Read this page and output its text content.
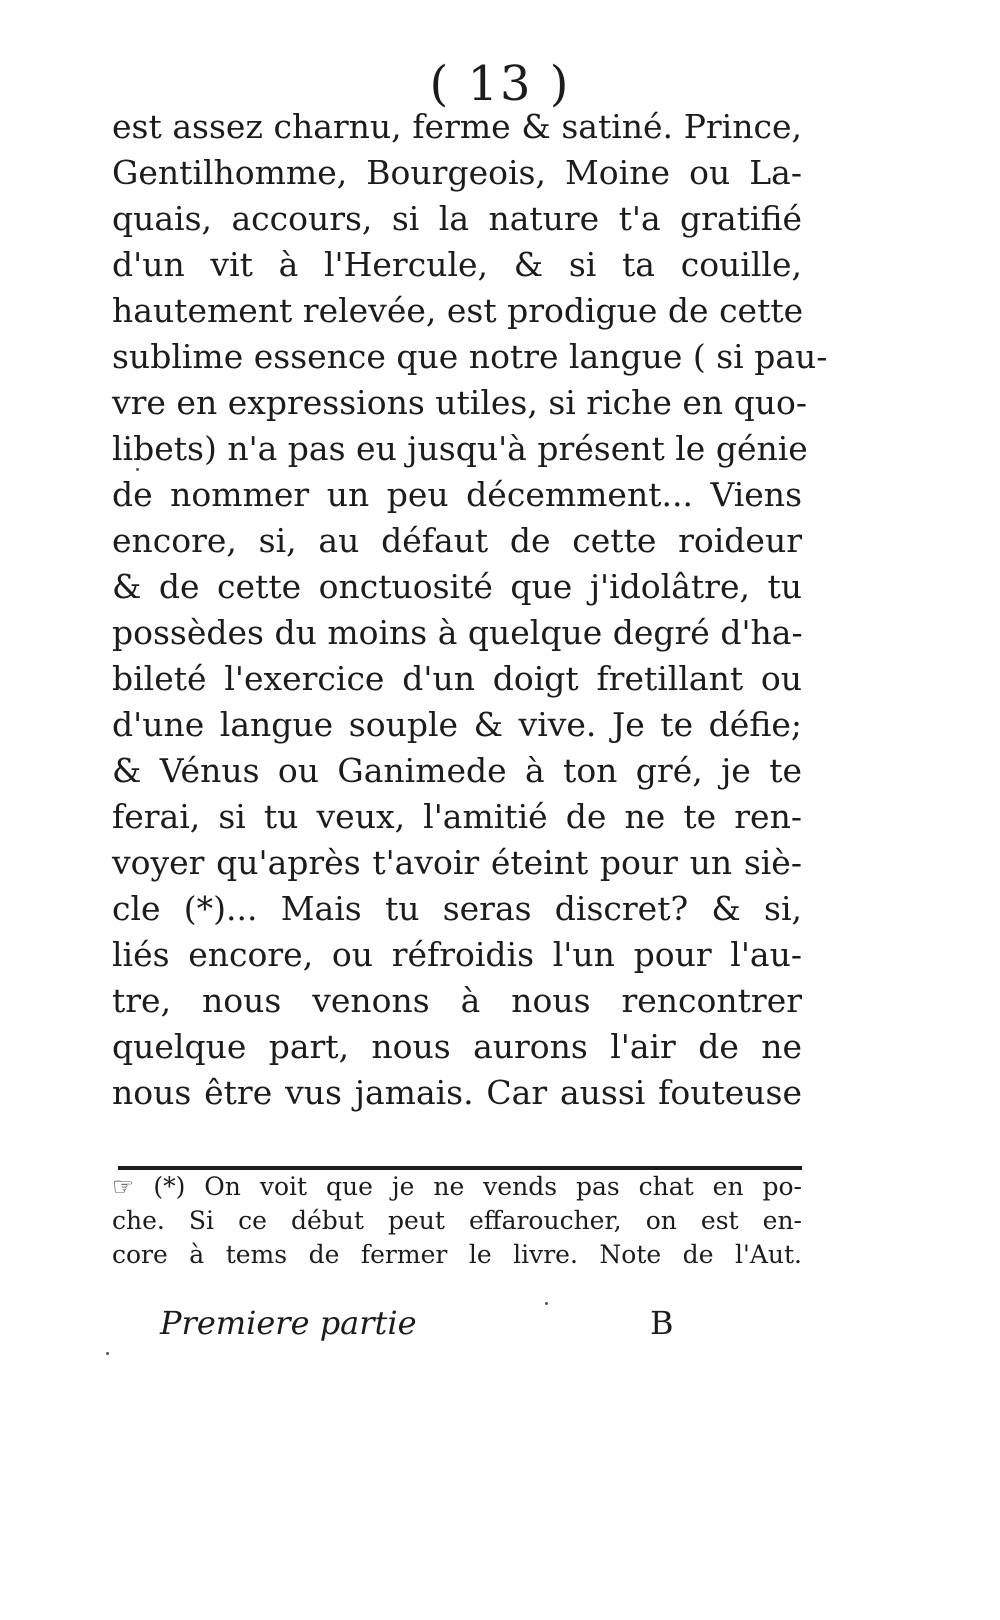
( 13 )
est assez charnu, ferme & satiné. Prince,
Gentilhomme, Bourgeois, Moine ou La-
quais, accours, si la nature t'a gratifié
d'un vit à l'Hercule, & si ta couille,
hautement relevée, est prodigue de cette
sublime essence que notre langue ( si pau-
vre en expressions utiles, si riche en quo-
libets) n'a pas eu jusqu'à présent le génie
de nommer un peu décemment... Viens
encore, si, au défaut de cette roideur
& de cette onctuosité que j'idolâtre, tu
possèdes du moins à quelque degré d'ha-
bileté l'exercice d'un doigt fretillant ou
d'une langue souple & vive. Je te défie;
& Vénus ou Ganimede à ton gré, je te
ferai, si tu veux, l'amitié de ne te ren-
voyer qu'après t'avoir éteint pour un siè-
cle (*)... Mais tu seras discret? & si,
liés encore, ou réfroidis l'un pour l'au-
tre, nous venons à nous rencontrer
quelque part, nous aurons l'air de ne
nous être vus jamais. Car aussi fouteuse
☞ (*) On voit que je ne vends pas chat en po-
che. Si ce début peut effaroucher, on est en-
core à tems de fermer le livre. Note de l'Aut.
Premiere partie	B
